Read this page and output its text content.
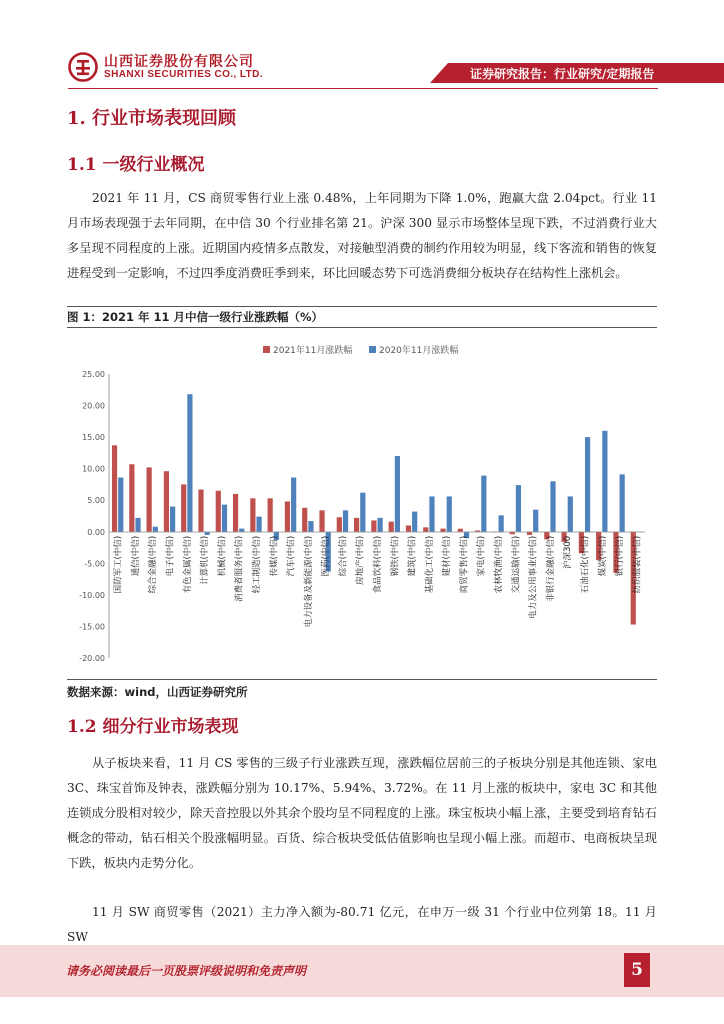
山西证券股份有限公司
SHANXI SECURITIES CO., LTD.	证券研究报告：行业研究/定期报告
1. 行业市场表现回顾
1.1 一级行业概况
2021 年 11 月，CS 商贸零售行业上涨 0.48%，上年同期为下降 1.0%，跑赢大盘 2.04pct。行业 11 月市场表现强于去年同期，在中信 30 个行业排名第 21。沪深 300 显示市场整体呈现下跌，不过消费行业大多呈现不同程度的上涨。近期国内疫情多点散发，对接触型消费的制约作用较为明显，线下客流和销售的恢复进程受到一定影响，不过四季度消费旺季到来，环比回暖态势下可选消费细分板块存在结构性上涨机会。
图 1：2021 年 11 月中信一级行业涨跌幅（%）
2021年11月涨跌幅	2020年11月涨跌幅
25.00
20.00
15.00
10.00
5.00
0.00
-5.00
-10.00
-15.00
-20.00
国防军工(中信) 通信(中信) 综合金融(中信) 电子(中信) 有色金属(中信) 计算机(中信) 机械(中信) 消费者服务(中信) 轻工制造(中信) 传媒(中信) 汽车(中信) 电力设备及新能源(中信) 医药(中信) 综合(中信) 房地产(中信) 食品饮料(中信) 钢铁(中信) 建筑(中信) 基础化工(中信) 建材(中信) 商贸零售(中信) 家电(中信) 农林牧渔(中信) 交通运输(中信) 电力及公用事业(中信) 非银行金融(中信) 沪深300 石油石化(中信) 煤炭(中信) 银行(中信) 纺织服装(中信)
数据来源：wind，山西证券研究所
1.2 细分行业市场表现
从子板块来看，11 月 CS 零售的三级子行业涨跌互现，涨跌幅位居前三的子板块分别是其他连锁、家电 3C、珠宝首饰及钟表，涨跌幅分别为 10.17%、5.94%、3.72%。在 11 月上涨的板块中，家电 3C 和其他连锁成分股相对较少，除天音控股以外其余个股均呈不同程度的上涨。珠宝板块小幅上涨，主要受到培育钻石概念的带动，钻石相关个股涨幅明显。百货、综合板块受低估值影响也呈现小幅上涨。而超市、电商板块呈现下跌，板块内走势分化。
11 月 SW 商贸零售（2021）主力净入额为-80.71 亿元，在申万一级 31 个行业中位列第 18。11 月 SW
请务必阅读最后一页股票评级说明和免责声明	5
